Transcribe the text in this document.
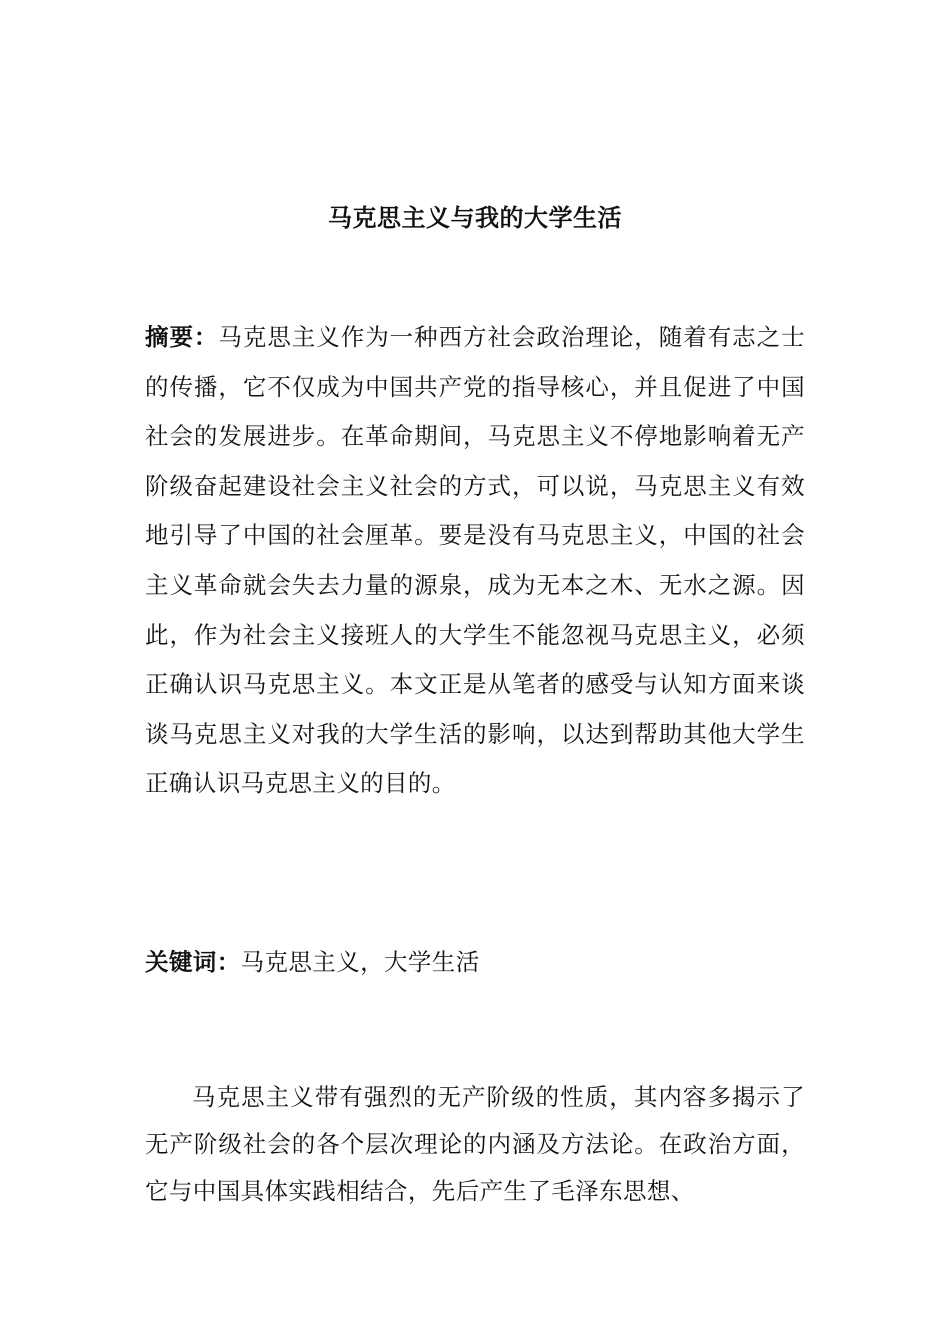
马克思主义与我的大学生活
摘要：马克思主义作为一种西方社会政治理论，随着有志之士的传播，它不仅成为中国共产党的指导核心，并且促进了中国社会的发展进步。在革命期间，马克思主义不停地影响着无产阶级奋起建设社会主义社会的方式，可以说，马克思主义有效地引导了中国的社会厘革。要是没有马克思主义，中国的社会主义革命就会失去力量的源泉，成为无本之木、无水之源。因此，作为社会主义接班人的大学生不能忽视马克思主义，必须正确认识马克思主义。本文正是从笔者的感受与认知方面来谈谈马克思主义对我的大学生活的影响，以达到帮助其他大学生正确认识马克思主义的目的。
关键词：马克思主义，大学生活
马克思主义带有强烈的无产阶级的性质，其内容多揭示了无产阶级社会的各个层次理论的内涵及方法论。在政治方面，它与中国具体实践相结合，先后产生了毛泽东思想、
